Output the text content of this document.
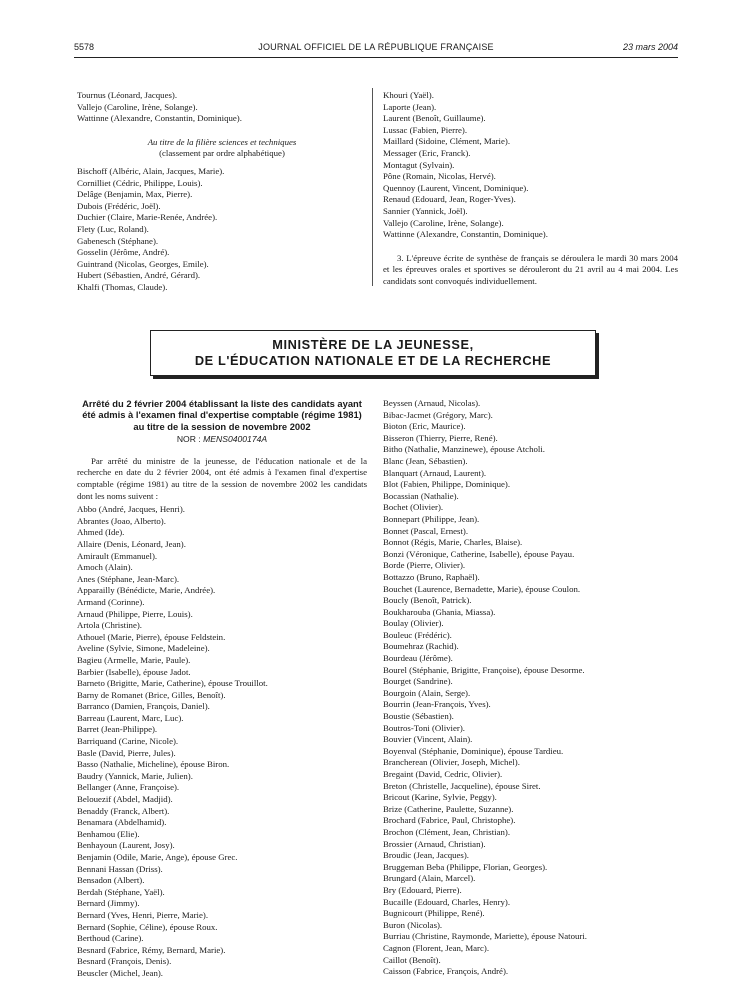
5578	JOURNAL OFFICIEL DE LA RÉPUBLIQUE FRANÇAISE	23 mars 2004
Tournus (Léonard, Jacques).
Vallejo (Caroline, Irène, Solange).
Wattinne (Alexandre, Constantin, Dominique).
Au titre de la filière sciences et techniques
(classement par ordre alphabétique)
Bischoff (Albéric, Alain, Jacques, Marie).
Cornilliet (Cédric, Philippe, Louis).
Delâge (Benjamin, Max, Pierre).
Dubois (Frédéric, Joël).
Duchier (Claire, Marie-Renée, Andrée).
Flety (Luc, Roland).
Gabenesch (Stéphane).
Gosselin (Jérôme, André).
Guintrand (Nicolas, Georges, Emile).
Hubert (Sébastien, André, Gérard).
Khalfi (Thomas, Claude).
Khouri (Yaël).
Laporte (Jean).
Laurent (Benoît, Guillaume).
Lussac (Fabien, Pierre).
Maillard (Sidoine, Clément, Marie).
Messager (Eric, Franck).
Montagut (Sylvain).
Pône (Romain, Nicolas, Hervé).
Quennoy (Laurent, Vincent, Dominique).
Renaud (Edouard, Jean, Roger-Yves).
Sannier (Yannick, Joël).
Vallejo (Caroline, Irène, Solange).
Wattinne (Alexandre, Constantin, Dominique).
3. L'épreuve écrite de synthèse de français se déroulera le mardi 30 mars 2004 et les épreuves orales et sportives se dérouleront du 21 avril au 4 mai 2004. Les candidats sont convoqués individuellement.
MINISTÈRE DE LA JEUNESSE,
DE L'ÉDUCATION NATIONALE ET DE LA RECHERCHE
Arrêté du 2 février 2004 établissant la liste des candidats ayant été admis à l'examen final d'expertise comptable (régime 1981) au titre de la session de novembre 2002
NOR : MENS0400174A
Par arrêté du ministre de la jeunesse, de l'éducation nationale et de la recherche en date du 2 février 2004, ont été admis à l'examen final d'expertise comptable (régime 1981) au titre de la session de novembre 2002 les candidats dont les noms suivent :
Abbo (André, Jacques, Henri).
Abrantes (Joao, Alberto).
Ahmed (Ide).
Allaire (Denis, Léonard, Jean).
Amirault (Emmanuel).
Amoch (Alain).
Anes (Stéphane, Jean-Marc).
Apparailly (Bénédicte, Marie, Andrée).
Armand (Corinne).
Arnaud (Philippe, Pierre, Louis).
Artola (Christine).
Athouel (Marie, Pierre), épouse Feldstein.
Aveline (Sylvie, Simone, Madeleine).
Bagieu (Armelle, Marie, Paule).
Barbier (Isabelle), épouse Jadot.
Barneto (Brigitte, Marie, Catherine), épouse Trouillot.
Barny de Romanet (Brice, Gilles, Benoît).
Barranco (Damien, François, Daniel).
Barreau (Laurent, Marc, Luc).
Barret (Jean-Philippe).
Barriquand (Carine, Nicole).
Basle (David, Pierre, Jules).
Basso (Nathalie, Micheline), épouse Biron.
Baudry (Yannick, Marie, Julien).
Bellanger (Anne, Françoise).
Belouezif (Abdel, Madjid).
Benaddy (Franck, Albert).
Benamara (Abdelhamid).
Benhamou (Elie).
Benhayoun (Laurent, Josy).
Benjamin (Odile, Marie, Ange), épouse Grec.
Bennani Hassan (Driss).
Bensadon (Albert).
Berdah (Stéphane, Yaël).
Bernard (Jimmy).
Bernard (Yves, Henri, Pierre, Marie).
Bernard (Sophie, Céline), épouse Roux.
Berthoud (Carine).
Besnard (Fabrice, Rémy, Bernard, Marie).
Besnard (François, Denis).
Beuscler (Michel, Jean).
Beyssen (Arnaud, Nicolas).
Bibac-Jacmet (Grégory, Marc).
Bioton (Eric, Maurice).
Bisseron (Thierry, Pierre, René).
Bitho (Nathalie, Manzinewe), épouse Atcholi.
Blanc (Jean, Sébastien).
Blanquart (Arnaud, Laurent).
Blot (Fabien, Philippe, Dominique).
Bocassian (Nathalie).
Bochet (Olivier).
Bonnepart (Philippe, Jean).
Bonnet (Pascal, Ernest).
Bonnot (Régis, Marie, Charles, Blaise).
Bonzi (Véronique, Catherine, Isabelle), épouse Payau.
Borde (Pierre, Olivier).
Bottazzo (Bruno, Raphaël).
Bouchet (Laurence, Bernadette, Marie), épouse Coulon.
Boucly (Benoît, Patrick).
Boukharouba (Ghania, Miassa).
Boulay (Olivier).
Bouleuc (Frédéric).
Boumehraz (Rachid).
Bourdeau (Jérôme).
Bourel (Stéphanie, Brigitte, Françoise), épouse Desorme.
Bourget (Sandrine).
Bourgoin (Alain, Serge).
Bourrin (Jean-François, Yves).
Boustie (Sébastien).
Boutros-Toni (Olivier).
Bouvier (Vincent, Alain).
Boyenval (Stéphanie, Dominique), épouse Tardieu.
Brancherean (Olivier, Joseph, Michel).
Bregaint (David, Cedric, Olivier).
Breton (Christelle, Jacqueline), épouse Siret.
Bricout (Karine, Sylvie, Peggy).
Brize (Catherine, Paulette, Suzanne).
Brochard (Fabrice, Paul, Christophe).
Brochon (Clément, Jean, Christian).
Brossier (Arnaud, Christian).
Broudic (Jean, Jacques).
Bruggeman Beba (Philippe, Florian, Georges).
Brungard (Alain, Marcel).
Bry (Edouard, Pierre).
Bucaille (Edouard, Charles, Henry).
Bugnicourt (Philippe, René).
Buron (Nicolas).
Burriau (Christine, Raymonde, Mariette), épouse Natouri.
Cagnon (Florent, Jean, Marc).
Caillot (Benoît).
Caisson (Fabrice, François, André).
